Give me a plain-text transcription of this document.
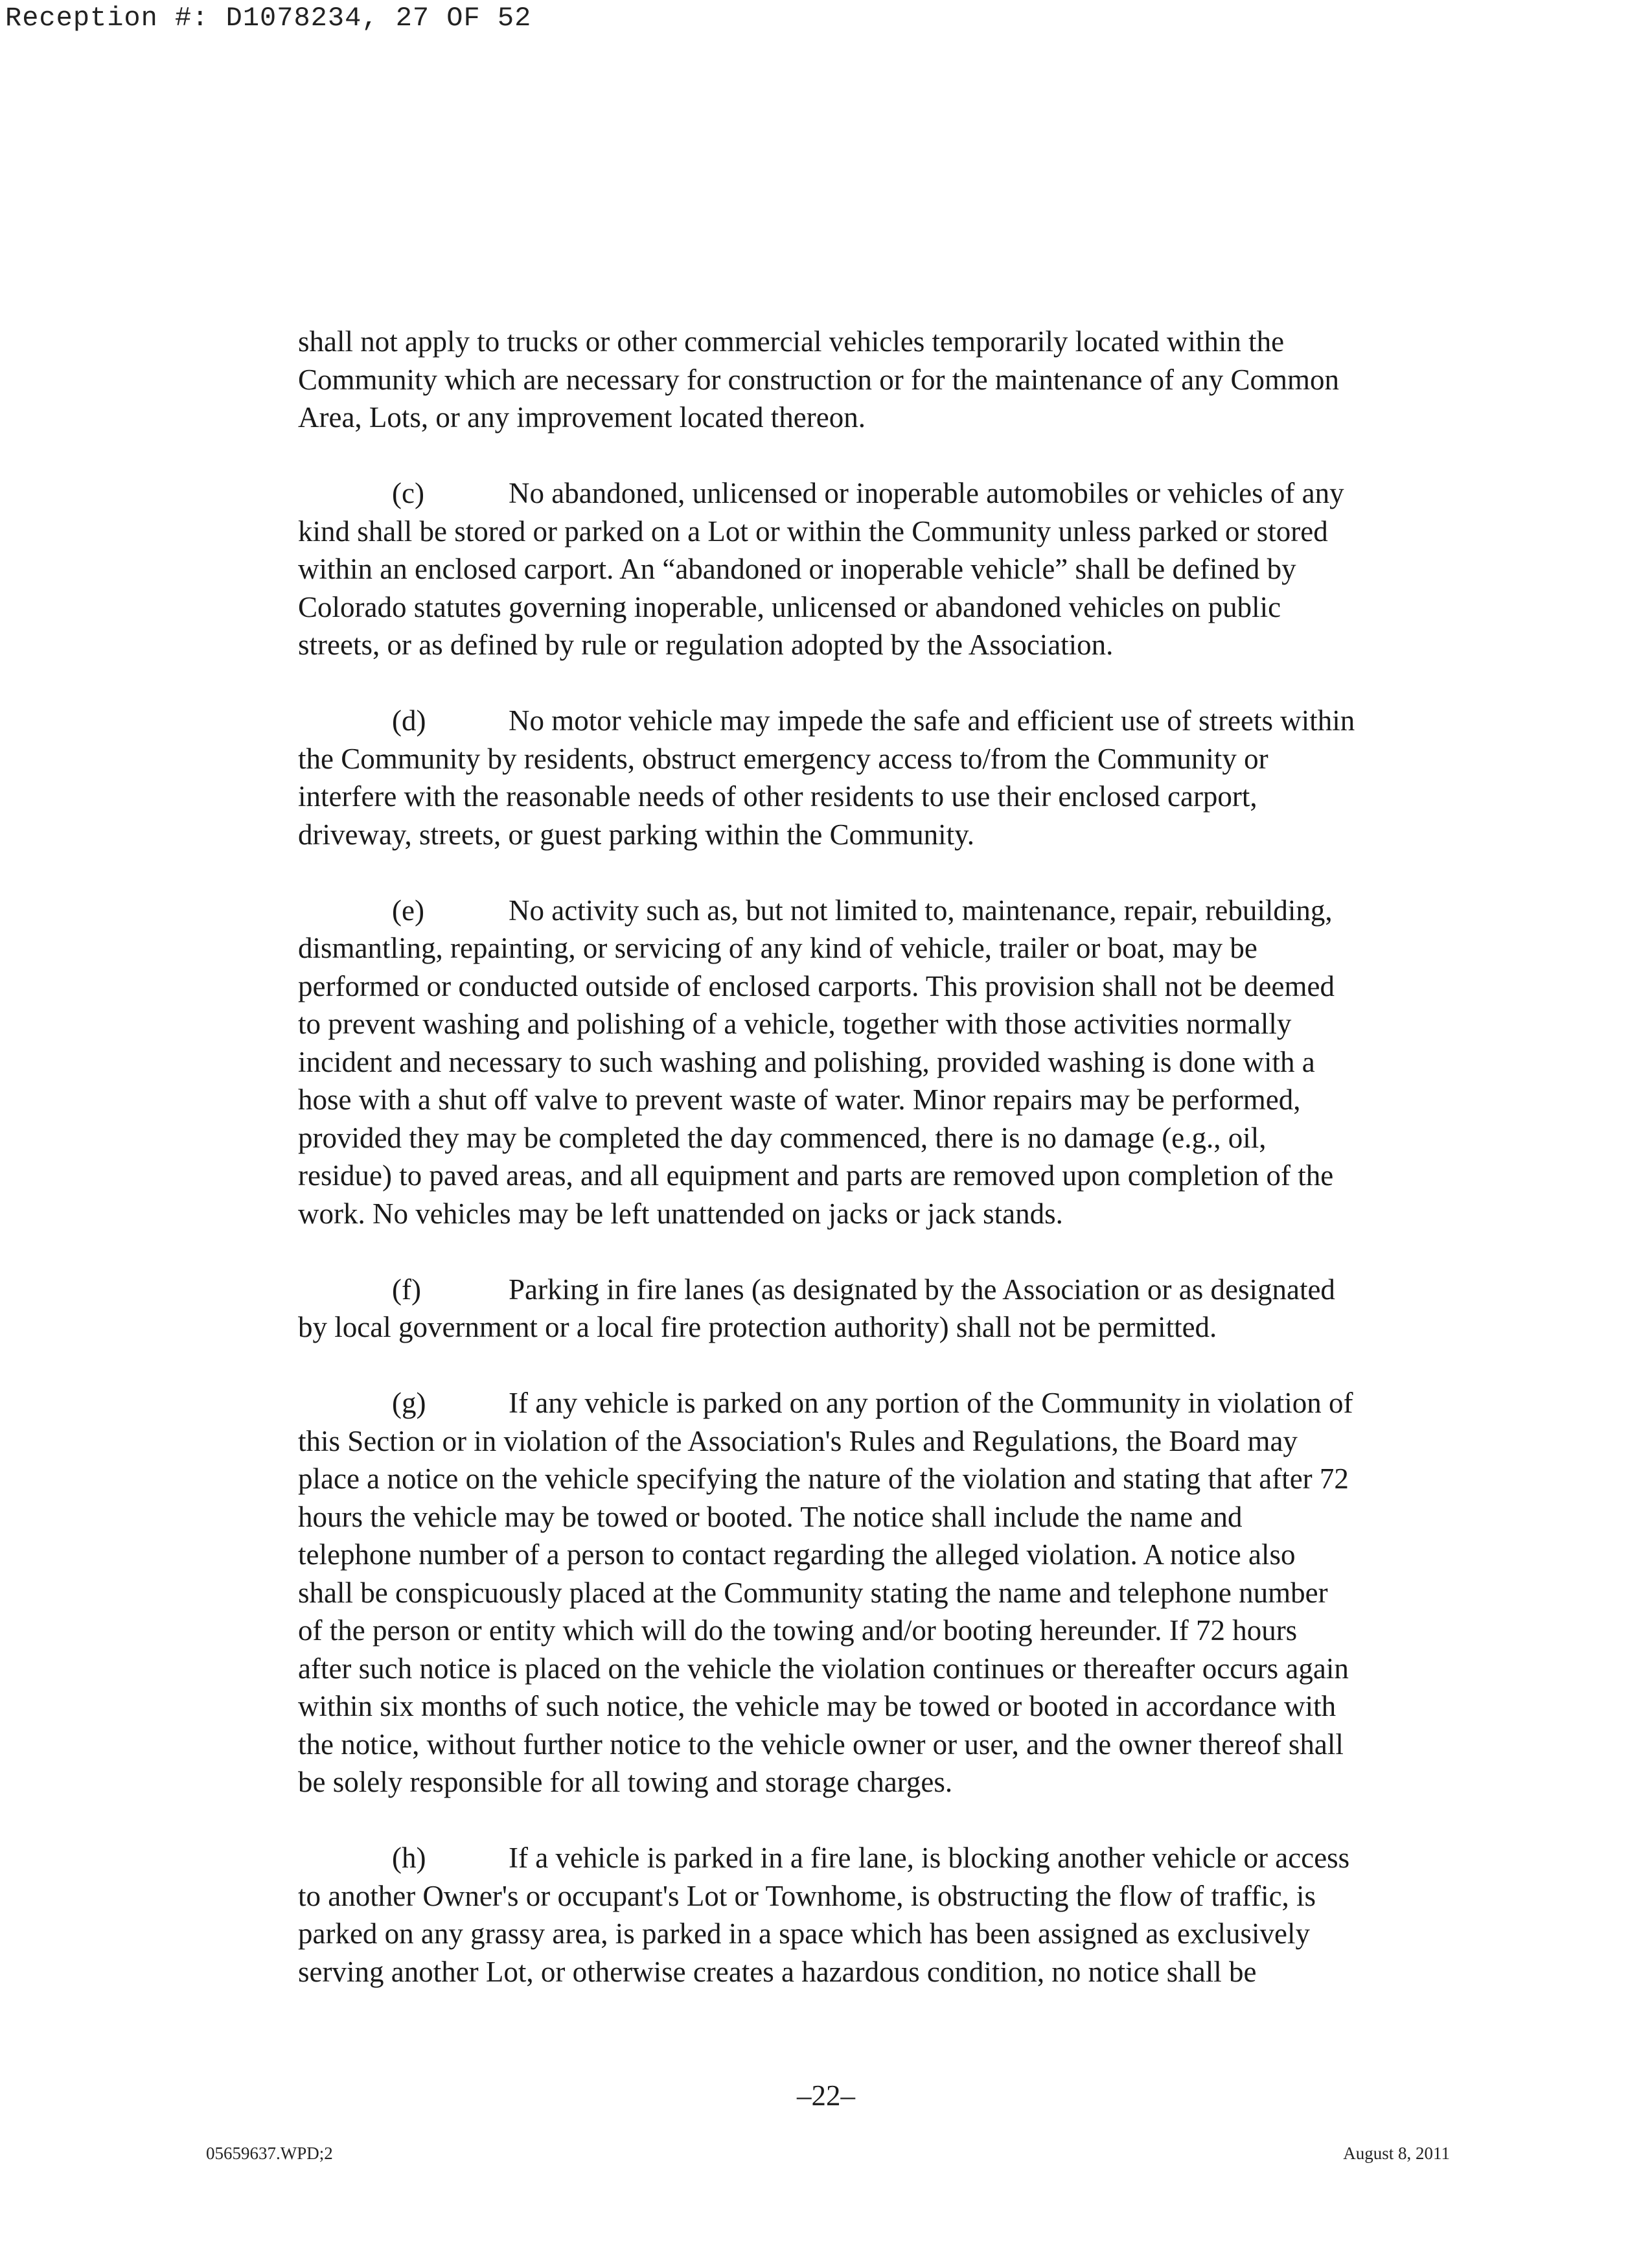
Reception #: D1078234, 27 OF 52

shall not apply to trucks or other commercial vehicles temporarily located within the
Community which are necessary for construction or for the maintenance of any Common
Area, Lots, or any improvement located thereon.

(c)	No abandoned, unlicensed or inoperable automobiles or vehicles of any
kind shall be stored or parked on a Lot or within the Community unless parked or stored
within an enclosed carport. An “abandoned or inoperable vehicle” shall be defined by
Colorado statutes governing inoperable, unlicensed or abandoned vehicles on public
streets, or as defined by rule or regulation adopted by the Association.

(d)	No motor vehicle may impede the safe and efficient use of streets within
the Community by residents, obstruct emergency access to/from the Community or
interfere with the reasonable needs of other residents to use their enclosed carport,
driveway, streets, or guest parking within the Community.

(e)	No activity such as, but not limited to, maintenance, repair, rebuilding,
dismantling, repainting, or servicing of any kind of vehicle, trailer or boat, may be
performed or conducted outside of enclosed carports. This provision shall not be deemed
to prevent washing and polishing of a vehicle, together with those activities normally
incident and necessary to such washing and polishing, provided washing is done with a
hose with a shut off valve to prevent waste of water. Minor repairs may be performed,
provided they may be completed the day commenced, there is no damage (e.g., oil,
residue) to paved areas, and all equipment and parts are removed upon completion of the
work. No vehicles may be left unattended on jacks or jack stands.

(f)	Parking in fire lanes (as designated by the Association or as designated
by local government or a local fire protection authority) shall not be permitted.

(g)	If any vehicle is parked on any portion of the Community in violation of
this Section or in violation of the Association's Rules and Regulations, the Board may
place a notice on the vehicle specifying the nature of the violation and stating that after 72
hours the vehicle may be towed or booted. The notice shall include the name and
telephone number of a person to contact regarding the alleged violation. A notice also
shall be conspicuously placed at the Community stating the name and telephone number
of the person or entity which will do the towing and/or booting hereunder. If 72 hours
after such notice is placed on the vehicle the violation continues or thereafter occurs again
within six months of such notice, the vehicle may be towed or booted in accordance with
the notice, without further notice to the vehicle owner or user, and the owner thereof shall
be solely responsible for all towing and storage charges.

(h)	If a vehicle is parked in a fire lane, is blocking another vehicle or access
to another Owner's or occupant's Lot or Townhome, is obstructing the flow of traffic, is
parked on any grassy area, is parked in a space which has been assigned as exclusively
serving another Lot, or otherwise creates a hazardous condition, no notice shall be

–22–
05659637.WPD;2	August 8, 2011
